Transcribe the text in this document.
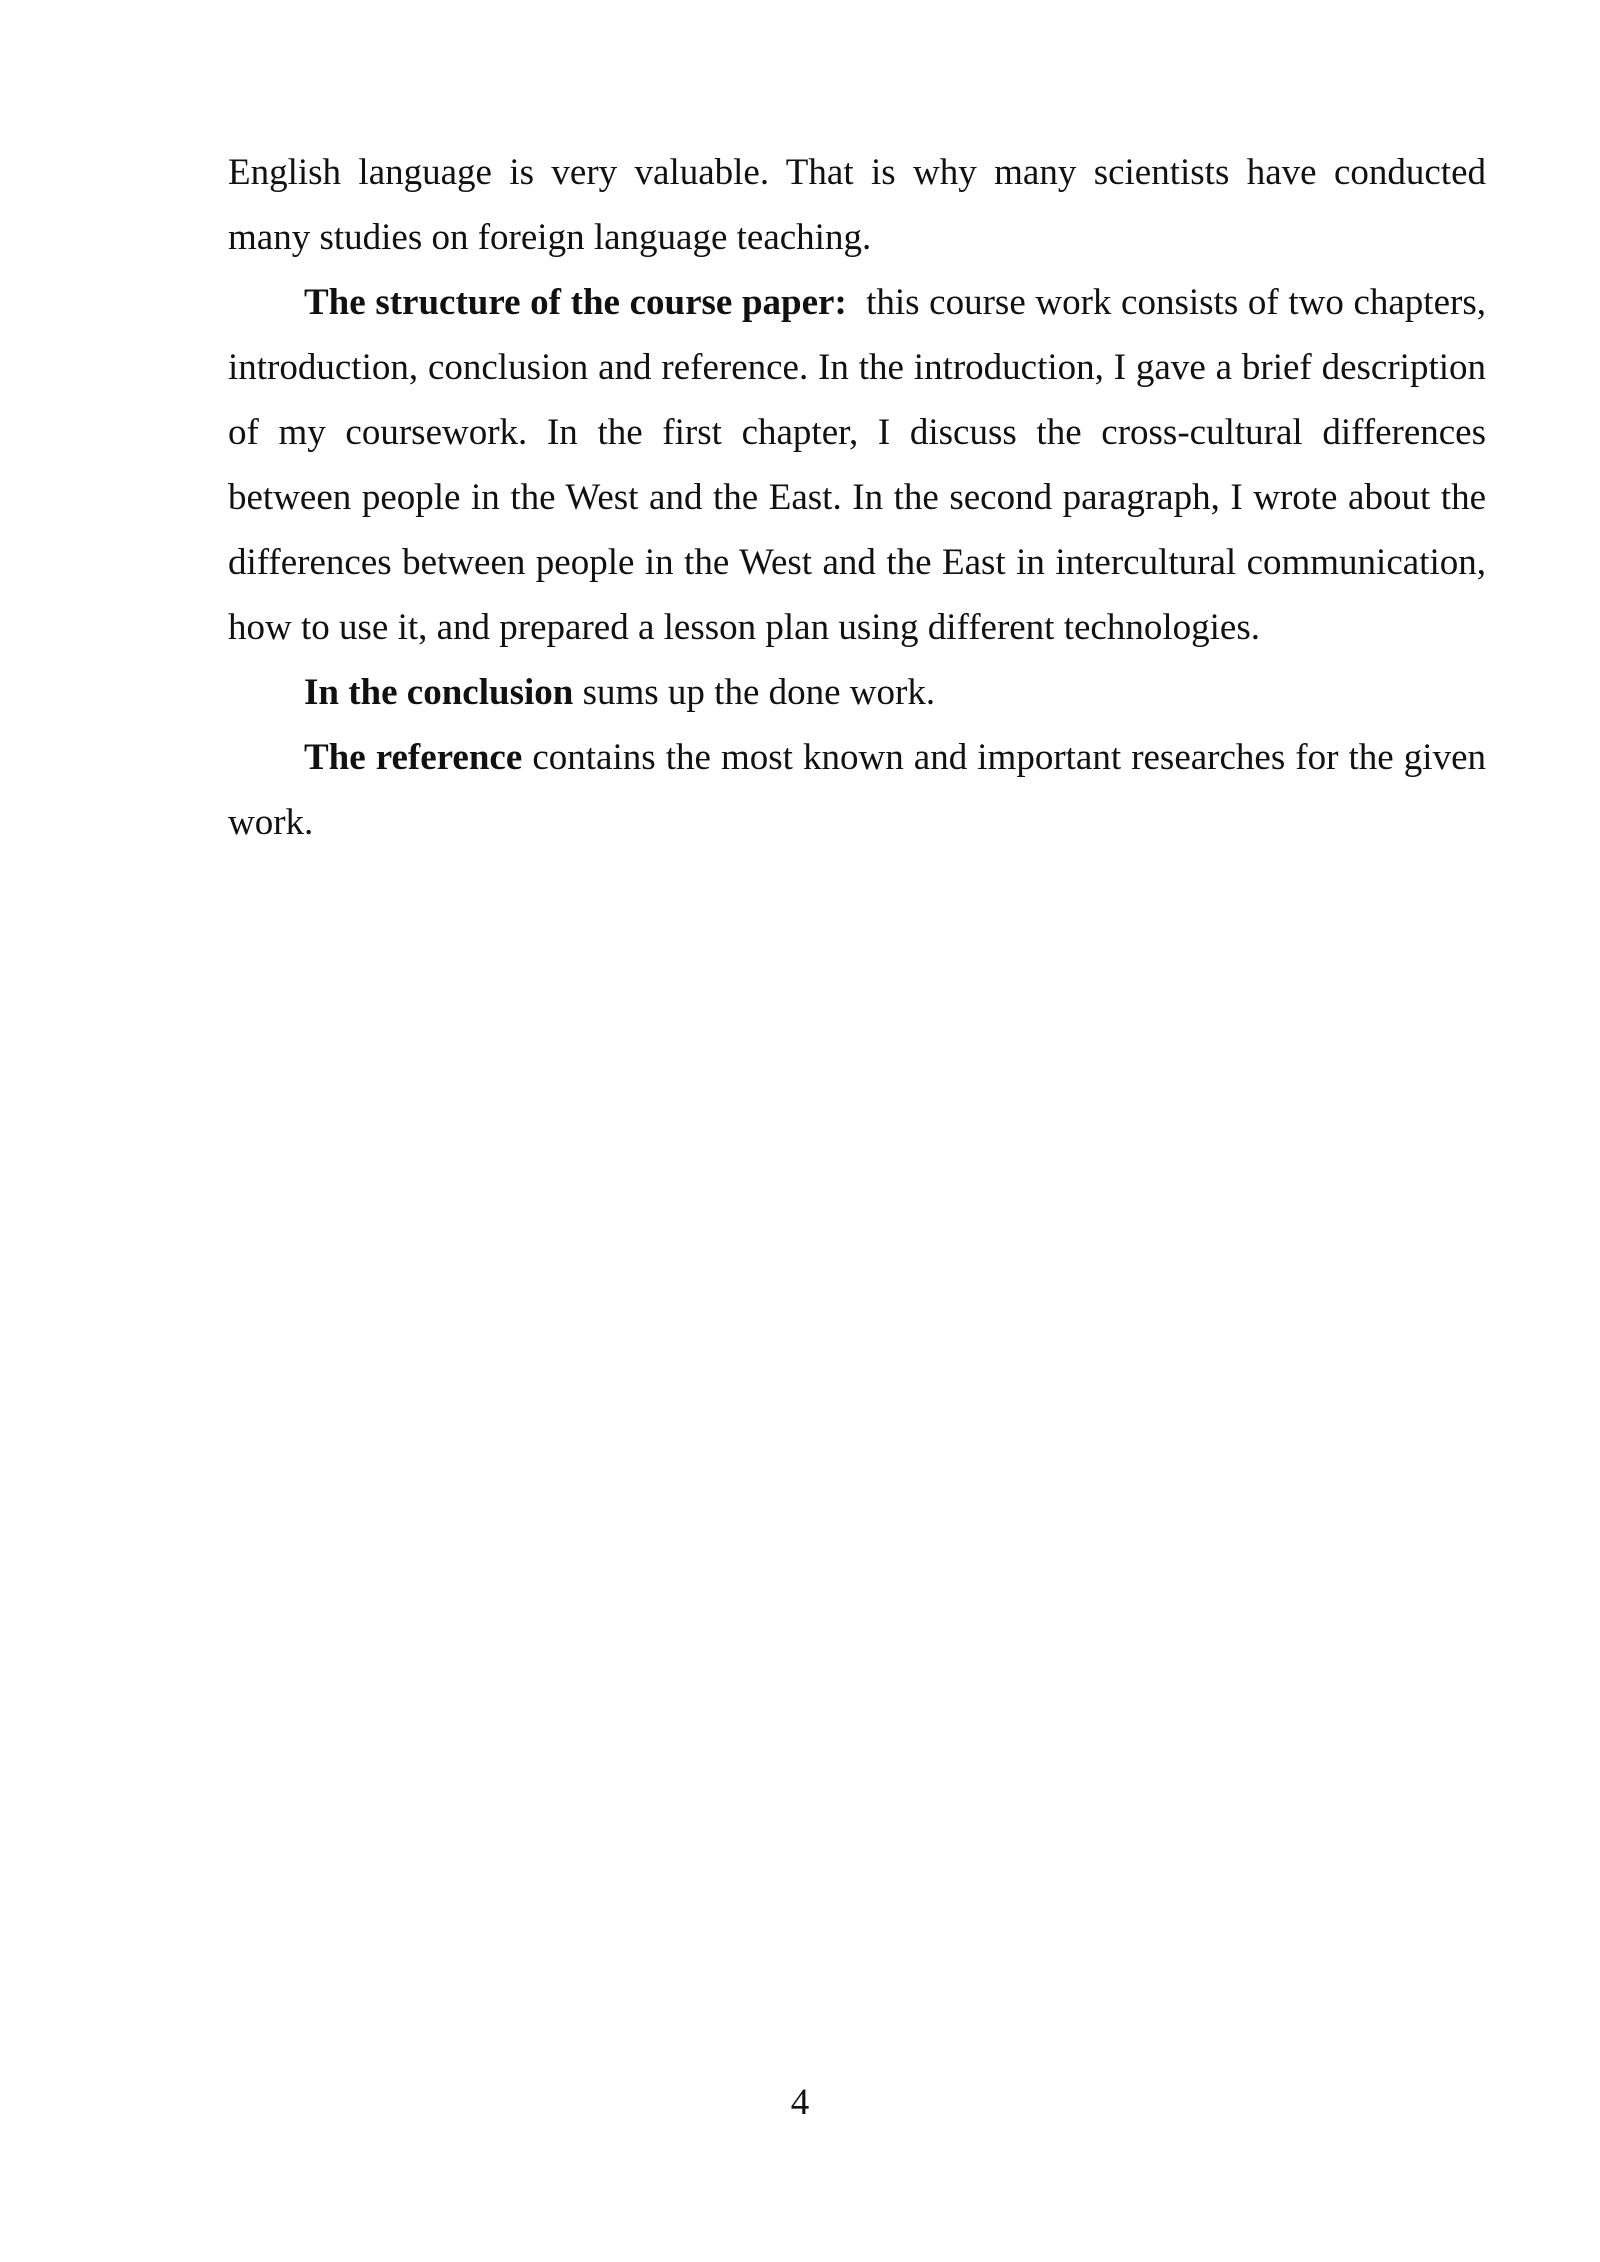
English language is very valuable. That is why many scientists have conducted many studies on foreign language teaching.

The structure of the course paper:  this course work consists of two chapters, introduction, conclusion and reference. In the introduction, I gave a brief description of my coursework. In the first chapter, I discuss the cross-cultural differences between people in the West and the East. In the second paragraph, I wrote about the differences between people in the West and the East in intercultural communication, how to use it, and prepared a lesson plan using different technologies.

In the conclusion sums up the done work.

The reference contains the most known and important researches for the given work.

4
